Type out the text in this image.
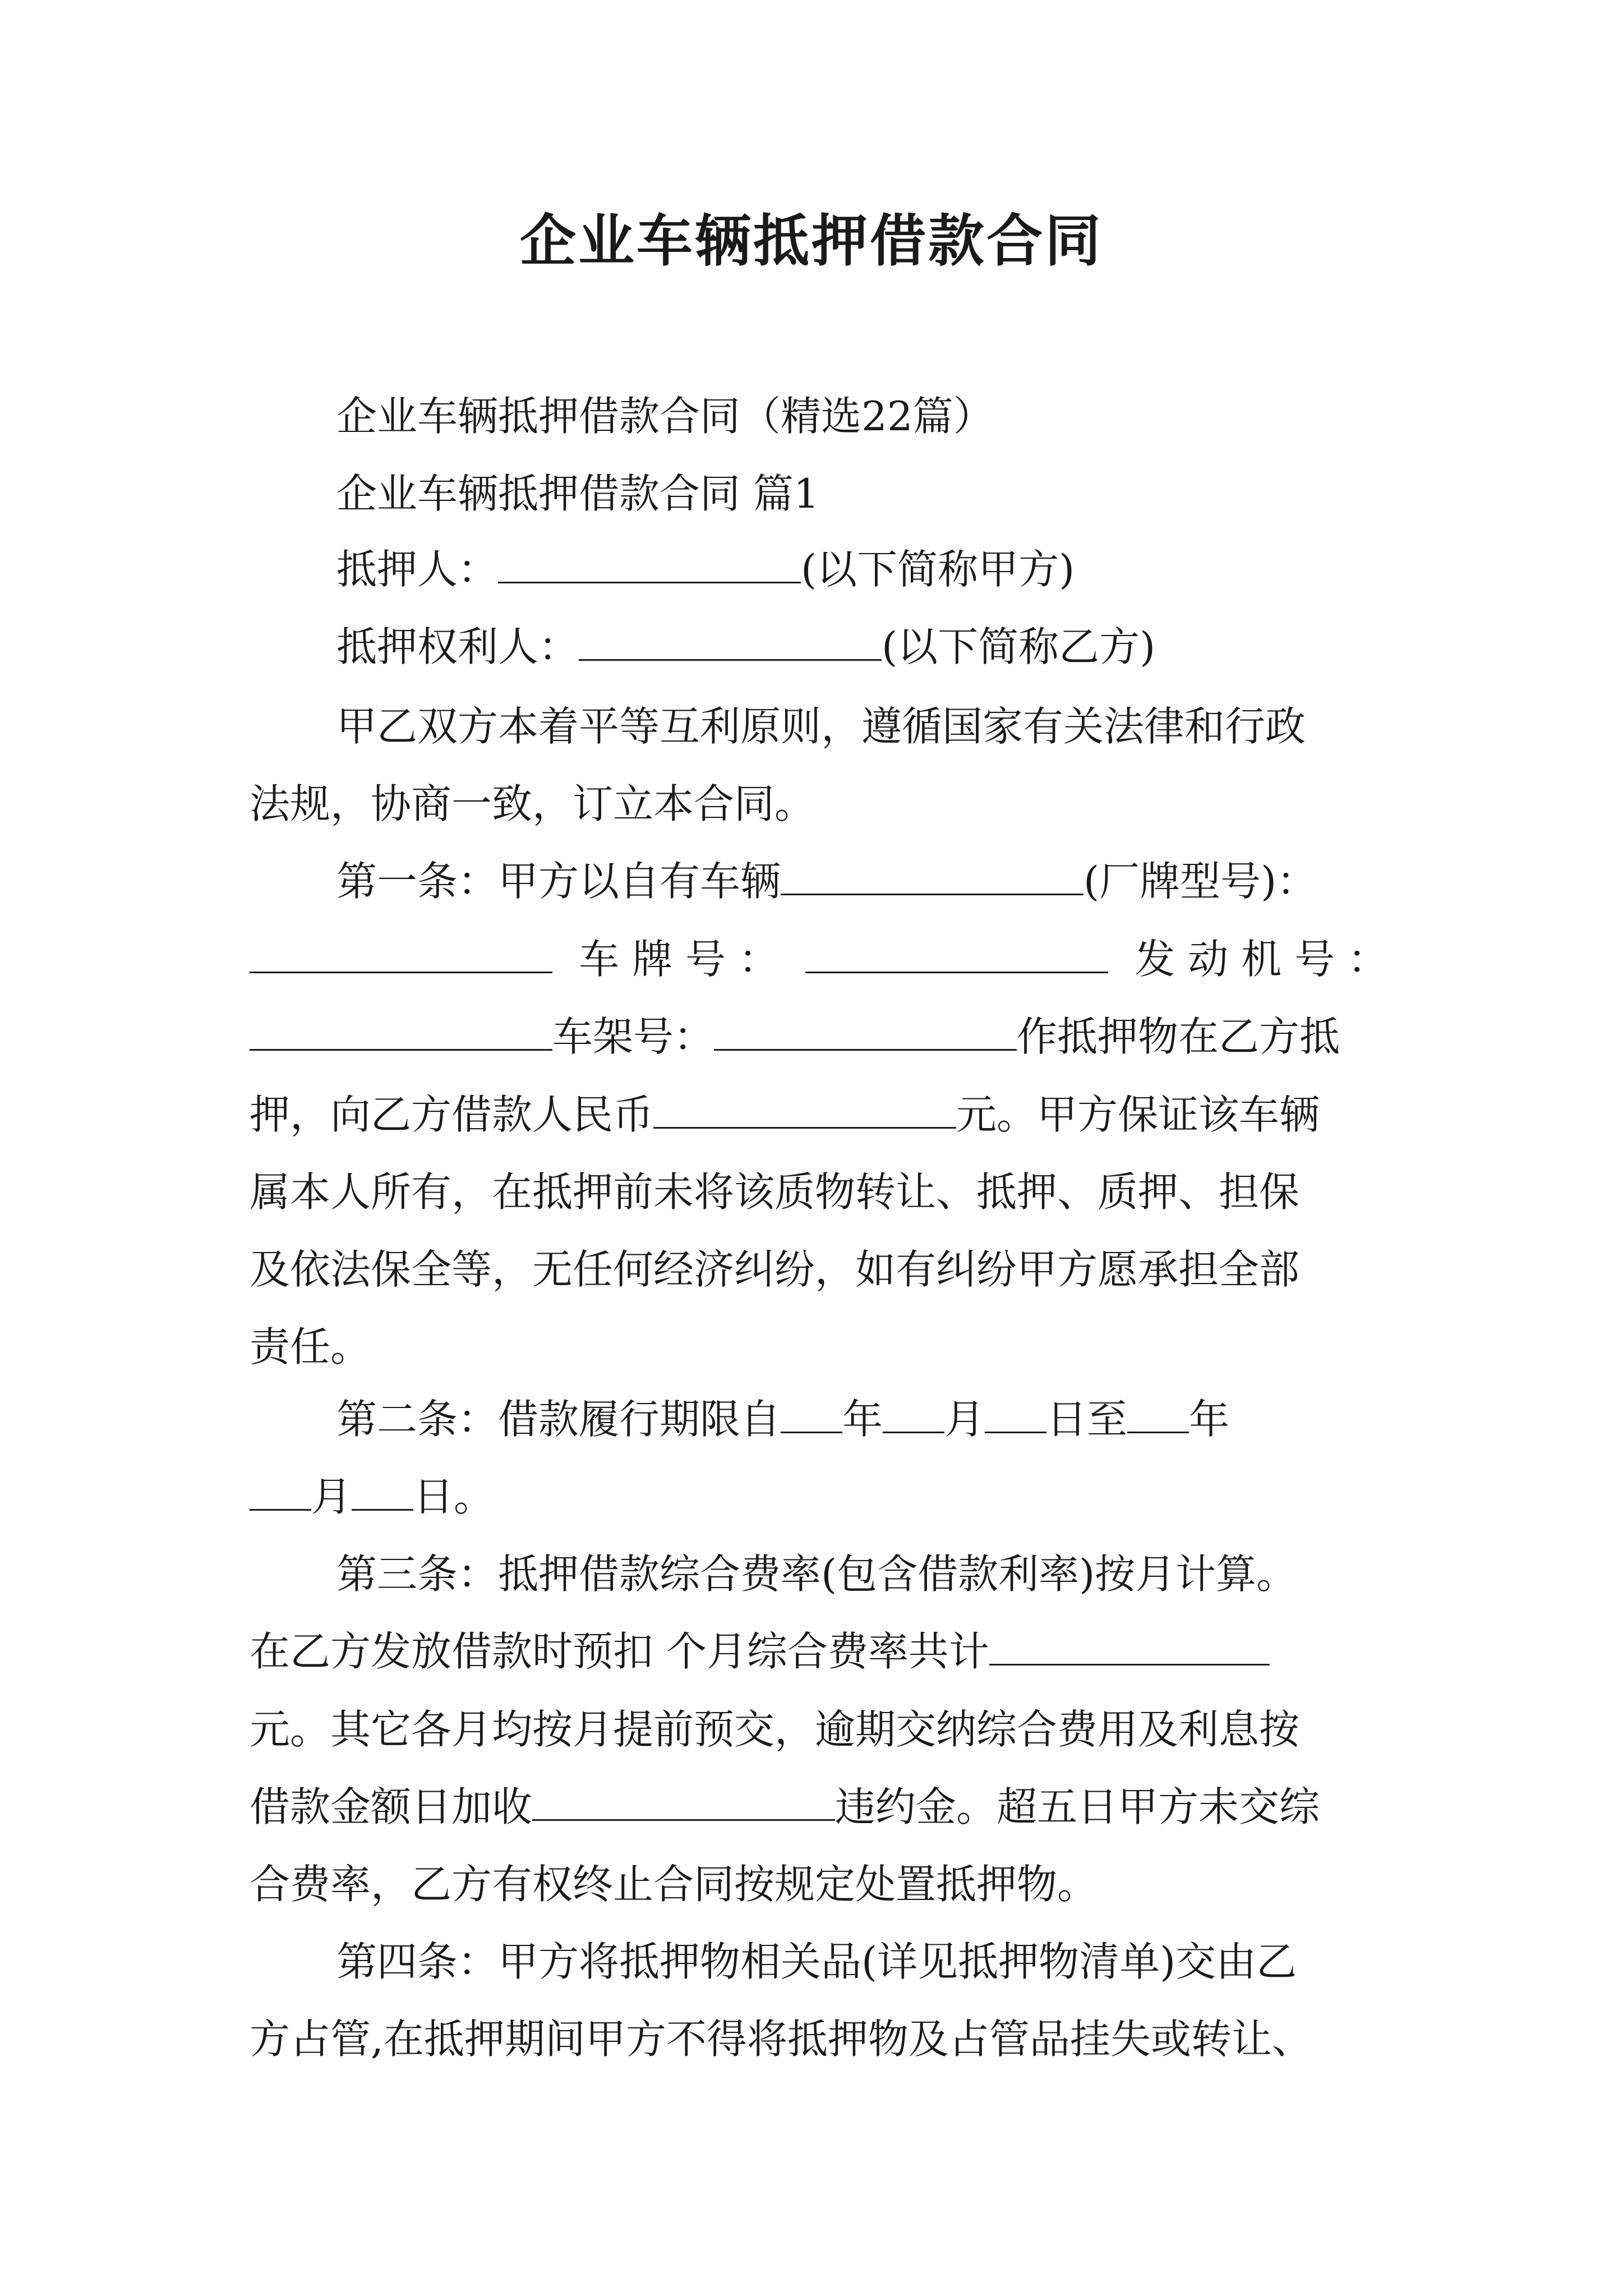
企业车辆抵押借款合同

企业车辆抵押借款合同（精选22篇）

企业车辆抵押借款合同 篇1

抵押人：	(以下简称甲方)

抵押权利人：	(以下简称乙方)

甲乙双方本着平等互利原则，遵循国家有关法律和行政

法规，协商一致，订立本合同。

第一条：甲方以自有车辆	(厂牌型号)：

车 牌 号 ：	发 动 机 号 ：

车架号：	作抵押物在乙方抵

押，向乙方借款人民币	元。甲方保证该车辆

属本人所有，在抵押前未将该质物转让、抵押、质押、担保

及依法保全等，无任何经济纠纷，如有纠纷甲方愿承担全部

责任。

第二条：借款履行期限自 年 月 日至 年

月 日。

第三条：抵押借款综合费率(包含借款利率)按月计算。

在乙方发放借款时预扣 个月综合费率共计

元。其它各月均按月提前预交，逾期交纳综合费用及利息按

借款金额日加收	违约金。超五日甲方未交综

合费率，乙方有权终止合同按规定处置抵押物。

第四条：甲方将抵押物相关品(详见抵押物清单)交由乙

方占管,在抵押期间甲方不得将抵押物及占管品挂失或转让、
